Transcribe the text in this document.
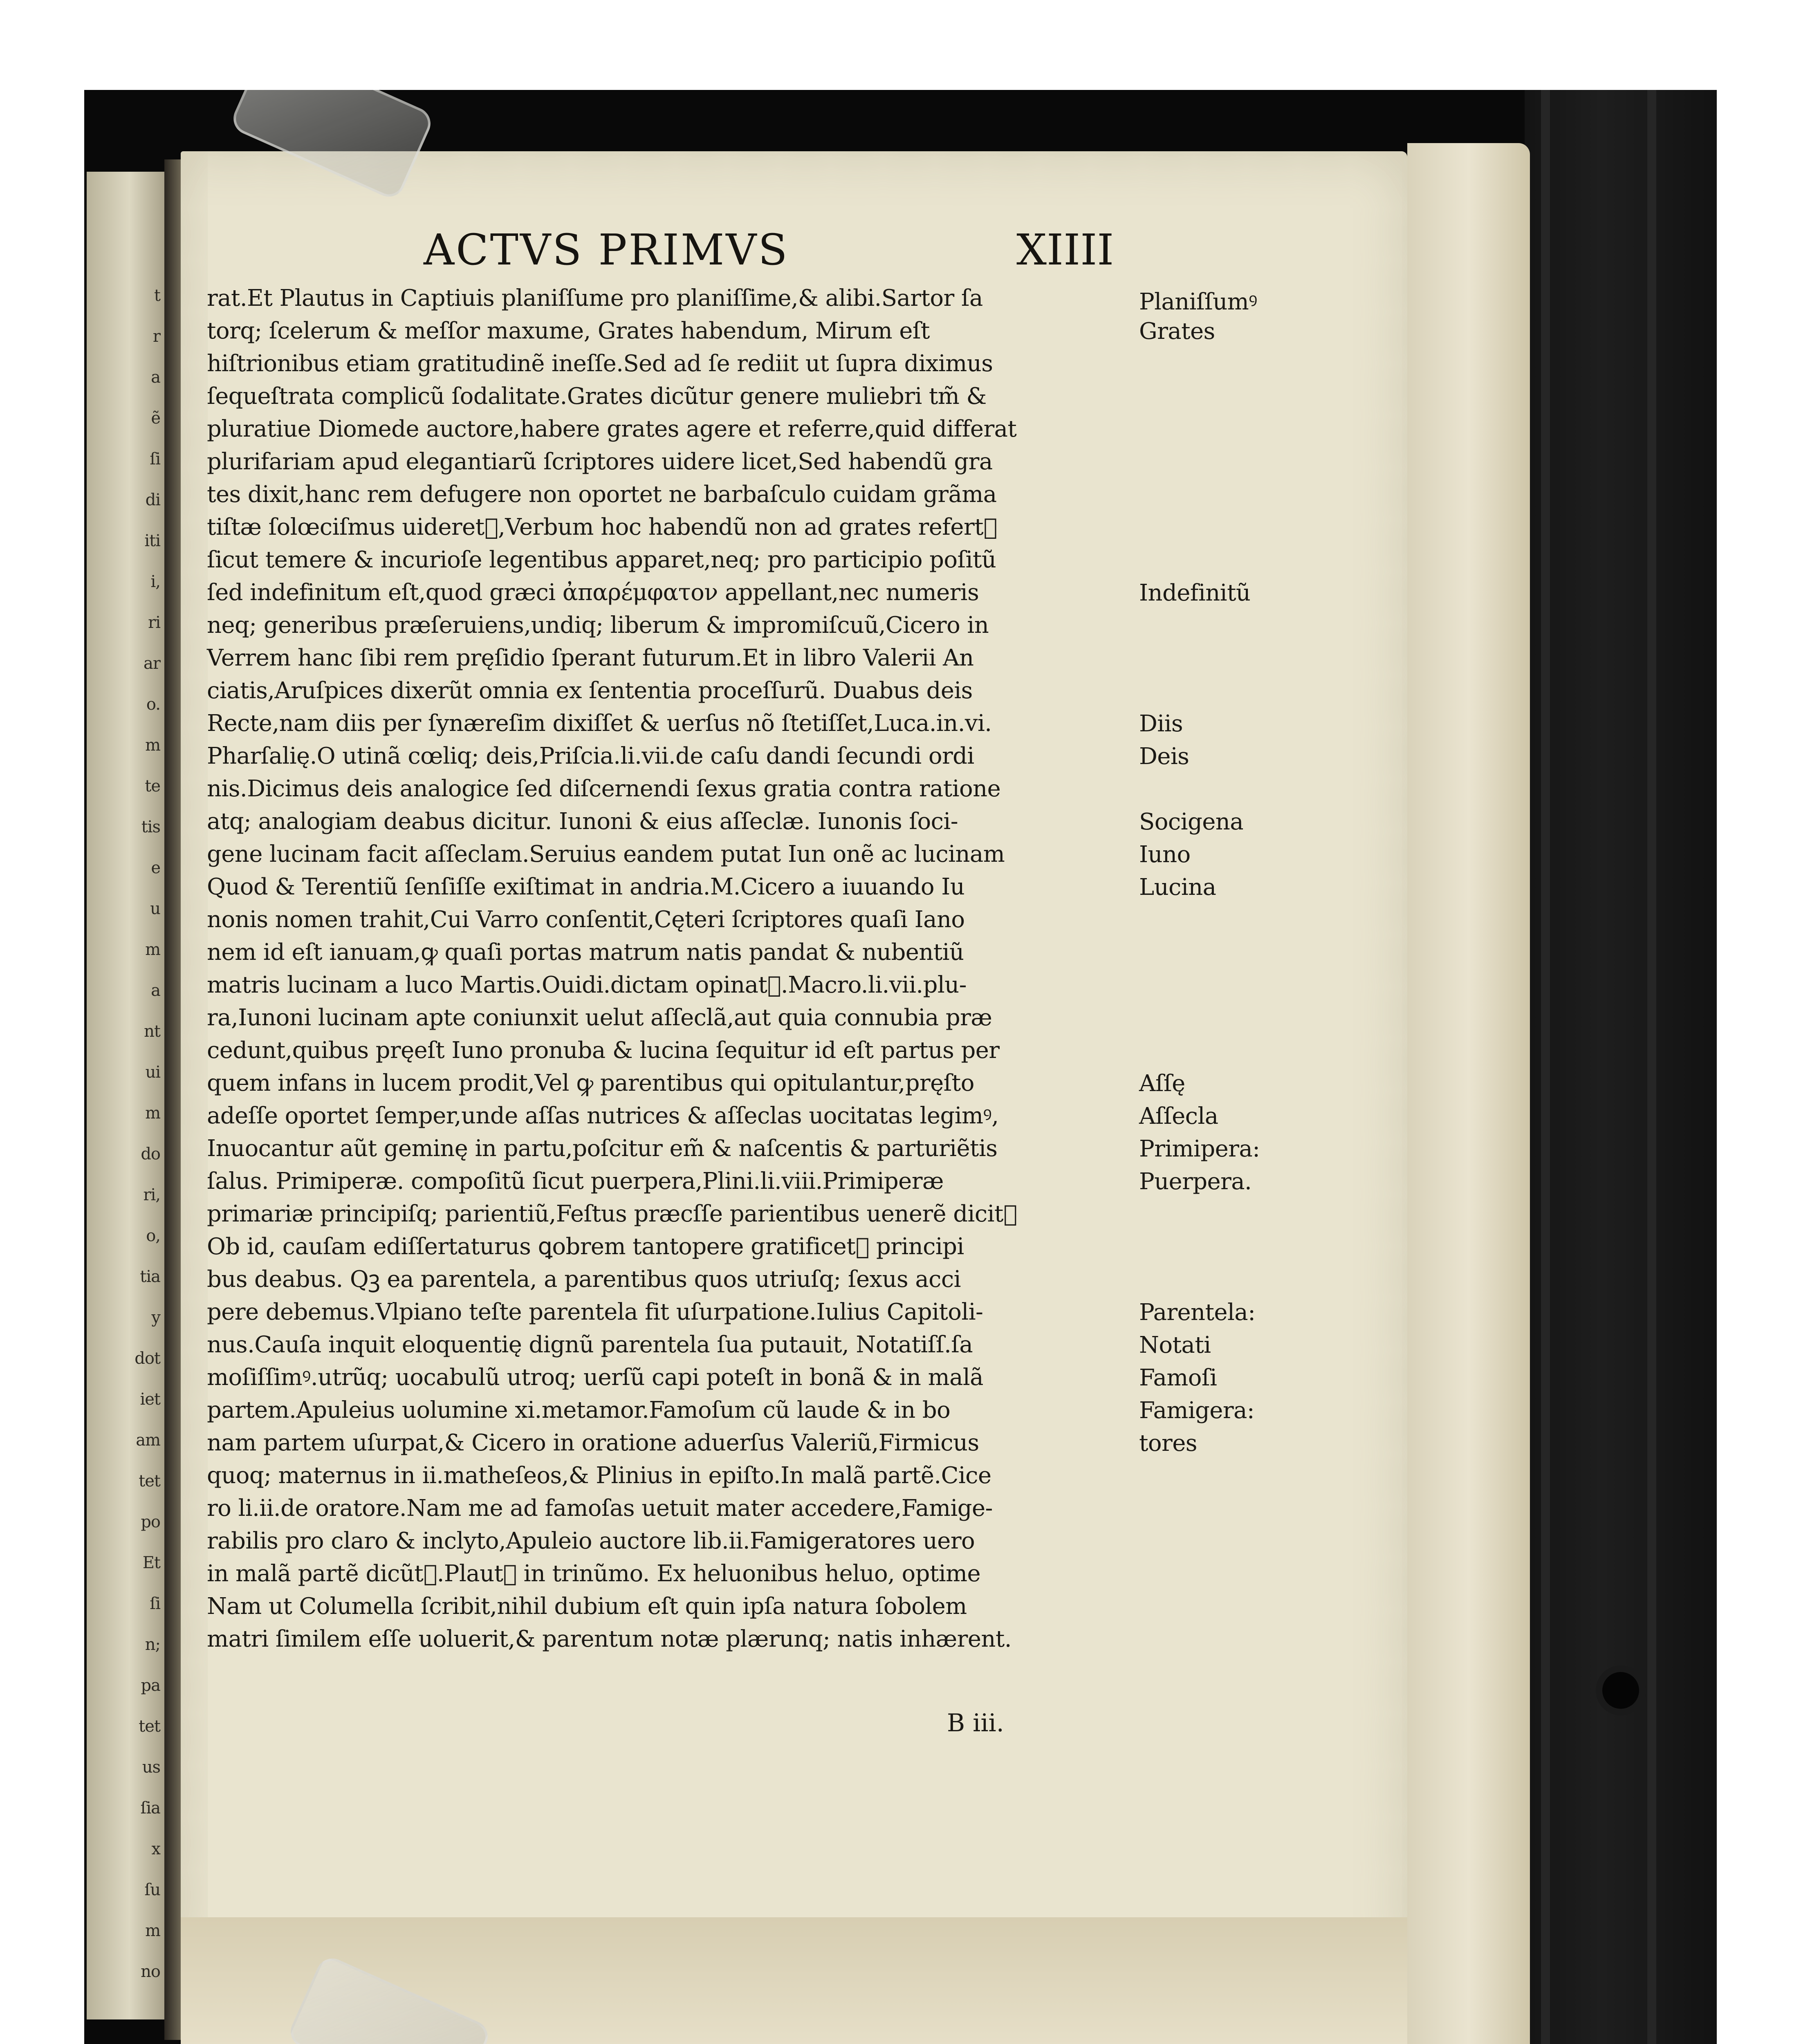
t
r
a
ẽ
ſi
di
iti
i,
ri
ar
o.
m
te
tis
e
u
m
a
nt
ui
m
do
ri,
o,
tia
y
dot
iet
am
tet
po
Et
ſi
n;
pa
tet
us
ſia
x
ſu
m
no
ACTVS PRIMVS	XIIII
rat.Et Plautus in Captiuis planiſſume pro planiſſime,& alibi.Sartor ſa
torq; ſcelerum & meſſor maxume, Grates habendum, Mirum eſt
hiſtrionibus etiam gratitudinẽ ineſſe.Sed ad ſe rediit ut ſupra diximus
ſequeſtrata complicũ ſodalitate.Grates dicũtur genere muliebri tm̃ &
pluratiue Diomede auctore,habere grates agere et referre,quid differat
plurifariam apud elegantiarũ ſcriptores uidere licet,Sed habendũ gra
tes dixit,hanc rem defugere non oportet ne barbaſculo cuidam grãma
tiſtæ ſolœciſmus uideretᷣ,Verbum hoc habendũ non ad grates refertᷣ
ſicut temere & incurioſe legentibus apparet,neq; pro participio poſitũ
ſed indefinitum eſt,quod græci ἀπαρέμφατον appellant,nec numeris
neq; generibus præſeruiens,undiq; liberum & impromiſcuũ,Cicero in
Verrem hanc ſibi rem pręſidio ſperant futurum.Et in libro Valerii An
ciatis,Aruſpices dixerũt omnia ex ſententia proceſſurũ. Duabus deis
Recte,nam diis per ſynæreſim dixiſſet & uerſus nõ ſtetiſſet,Luca.in.vi.
Pharſalię.O utinã cœliq; deis,Priſcia.li.vii.de caſu dandi ſecundi ordi
nis.Dicimus deis analogice ſed diſcernendi ſexus gratia contra ratione
atq; analogiam deabus dicitur. Iunoni & eius aſſeclæ. Iunonis ſoci-
gene lucinam facit aſſeclam.Seruius eandem putat Iun onẽ ac lucinam
Quod & Terentiũ ſenſiſſe exiſtimat in andria.M.Cicero a iuuando Iu
nonis nomen trahit,Cui Varro conſentit,Cęteri ſcriptores quaſi Iano
nem id eſt ianuam,ꝙ quaſi portas matrum natis pandat & nubentiũ
matris lucinam a luco Martis.Ouidi.dictam opinatᷣ.Macro.li.vii.plu-
ra,Iunoni lucinam apte coniunxit uelut aſſeclã,aut quia connubia præ
cedunt,quibus pręeſt Iuno pronuba & lucina ſequitur id eſt partus per
quem infans in lucem prodit,Vel ꝙ parentibus qui opitulantur,pręſto
adeſſe oportet ſemper,unde aſſas nutrices & aſſeclas uocitatas legimꝰ,
Inuocantur aũt geminę in partu,poſcitur em̃ & naſcentis & parturiẽtis
ſalus. Primiperæ. compoſitũ ſicut puerpera,Plini.li.viii.Primiperæ
primariæ principiſq; parientiũ,Feſtus præcſſe parientibus uenerẽ dicitᷣ
Ob id, cauſam ediſſertaturus ꝗobrem tantopere gratificetᷣ principi
bus deabus. Qꝫ ea parentela, a parentibus quos utriuſq; ſexus acci
pere debemus.Vlpiano teſte parentela fit uſurpatione.Iulius Capitoli-
nus.Cauſa inquit eloquentię dignũ parentela ſua putauit, Notatiſſ.ſa
moſiſſimꝰ.utrũq; uocabulũ utroq; uerſũ capi poteſt in bonã & in malã
partem.Apuleius uolumine xi.metamor.Famoſum cũ laude & in bo
nam partem uſurpat,& Cicero in oratione aduerſus Valeriũ,Firmicus
quoq; maternus in ii.matheſeos,& Plinius in epiſto.In malã partẽ.Cice
ro li.ii.de oratore.Nam me ad famoſas uetuit mater accedere,Famige-
rabilis pro claro & inclyto,Apuleio auctore lib.ii.Famigeratores uero
in malã partẽ dicũtᷣ.Plautꝰ in trinũmo. Ex heluonibus heluo, optime
Nam ut Columella ſcribit,nihil dubium eſt quin ipſa natura ſobolem
matri ſimilem eſſe uoluerit,& parentum notæ plærunq; natis inhærent.
Planiſſumꝰ
Grates
Indefinitũ
Diis
Deis
Socigena
Iuno
Lucina
Aſſę
Aſſecla
Primipera:
Puerpera.
Parentela:
Notati
Famoſi
Famigera:
tores
B iii.
